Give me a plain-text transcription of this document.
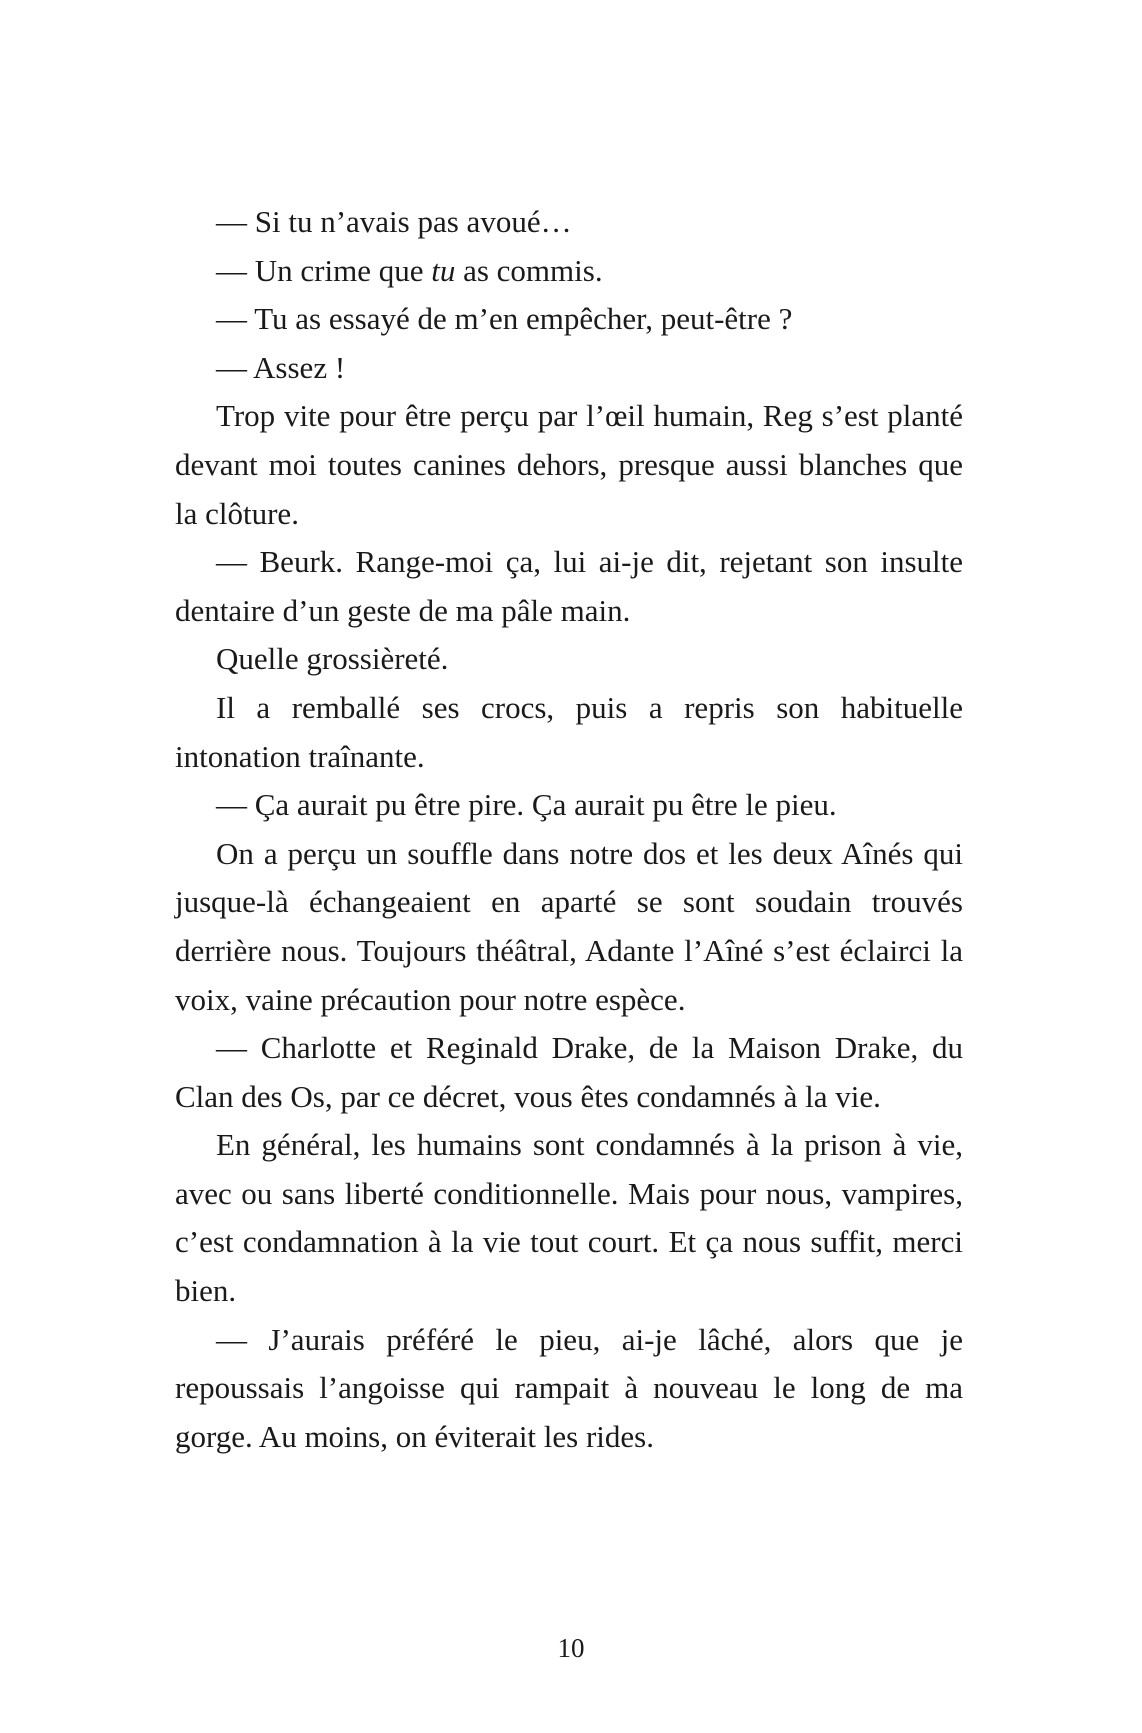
— Si tu n’avais pas avoué…

— Un crime que tu as commis.

— Tu as essayé de m’en empêcher, peut-être ?

— Assez !

Trop vite pour être perçu par l’œil humain, Reg s’est planté devant moi toutes canines dehors, presque aussi blanches que la clôture.

— Beurk. Range-moi ça, lui ai-je dit, rejetant son insulte dentaire d’un geste de ma pâle main.

Quelle grossièreté.

Il a remballé ses crocs, puis a repris son habituelle intonation traînante.

— Ça aurait pu être pire. Ça aurait pu être le pieu.

On a perçu un souffle dans notre dos et les deux Aînés qui jusque-là échangeaient en aparté se sont soudain trouvés derrière nous. Toujours théâtral, Adante l’Aîné s’est éclairci la voix, vaine précaution pour notre espèce.

— Charlotte et Reginald Drake, de la Maison Drake, du Clan des Os, par ce décret, vous êtes condamnés à la vie.

En général, les humains sont condamnés à la prison à vie, avec ou sans liberté conditionnelle. Mais pour nous, vampires, c’est condamnation à la vie tout court. Et ça nous suffit, merci bien.

— J’aurais préféré le pieu, ai-je lâché, alors que je repoussais l’angoisse qui rampait à nouveau le long de ma gorge. Au moins, on éviterait les rides.

10
